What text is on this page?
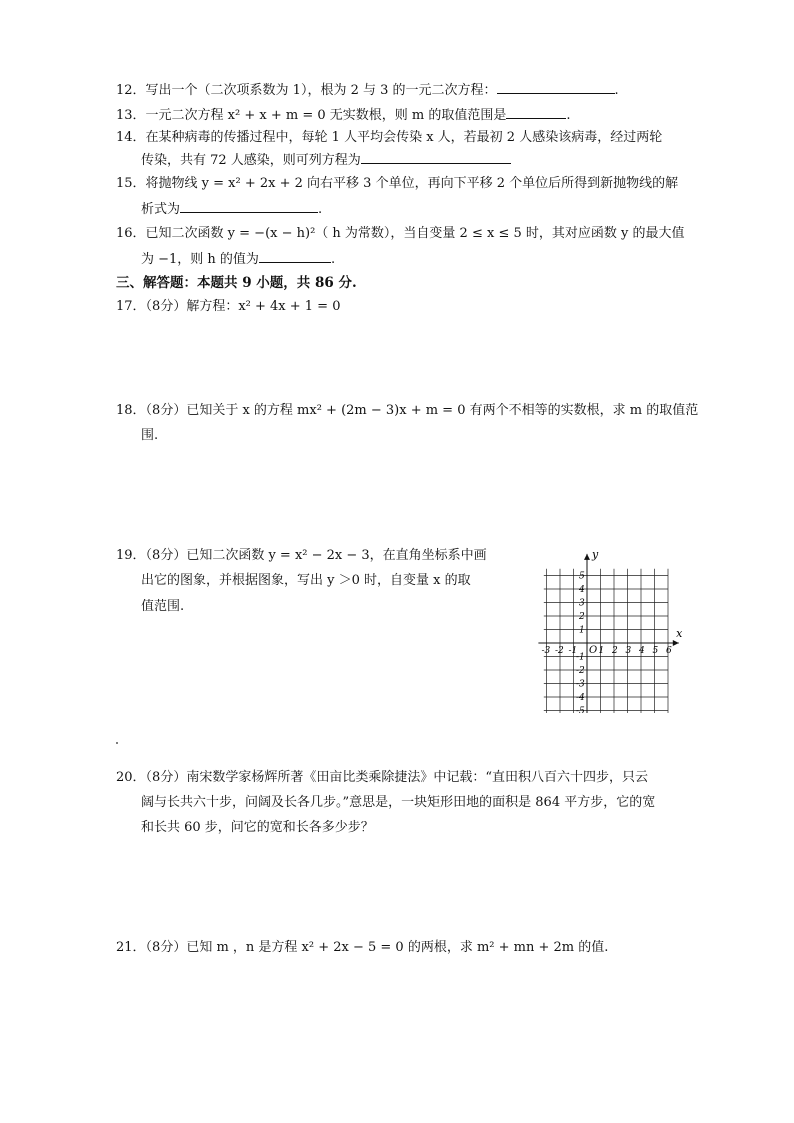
12．写出一个（二次项系数为 1），根为 2 与 3 的一元二次方程：	.
13．一元二次方程 x² + x + m = 0 无实数根，则 m 的取值范围是	.
14．在某种病毒的传播过程中，每轮 1 人平均会传染 x 人，若最初 2 人感染该病毒，经过两轮
传染，共有 72 人感染，则可列方程为
15．将抛物线 y = x² + 2x + 2 向右平移 3 个单位，再向下平移 2 个单位后所得到新抛物线的解
析式为	.
16．已知二次函数 y = −(x − h)²（ h 为常数），当自变量 2 ≤ x ≤ 5 时，其对应函数 y 的最大值
为 −1，则 h 的值为	.
三、解答题：本题共 9 小题，共 86 分.
17．（8分）解方程：x² + 4x + 1 = 0
18．（8分）已知关于 x 的方程 mx² + (2m − 3)x + m = 0 有两个不相等的实数根，求 m 的取值范
围.
19．（8分）已知二次函数 y = x² − 2x − 3，在直角坐标系中画
出它的图象，并根据图象，写出 y ＞0 时，自变量 x 的取
值范围.
x
y
O
-3 -2 -1 1 2 3 4 5 6
5
4
3
2
1
-1
-2
-3
-4
-5
20．（8分）南宋数学家杨辉所著《田亩比类乘除捷法》中记载：“直田积八百六十四步，只云
阔与长共六十步，问阔及长各几步。”意思是，一块矩形田地的面积是 864 平方步，它的宽
和长共 60 步，问它的宽和长各多少步？
21．（8分）已知 m ，n 是方程 x² + 2x − 5 = 0 的两根，求 m² + mn + 2m 的值.
